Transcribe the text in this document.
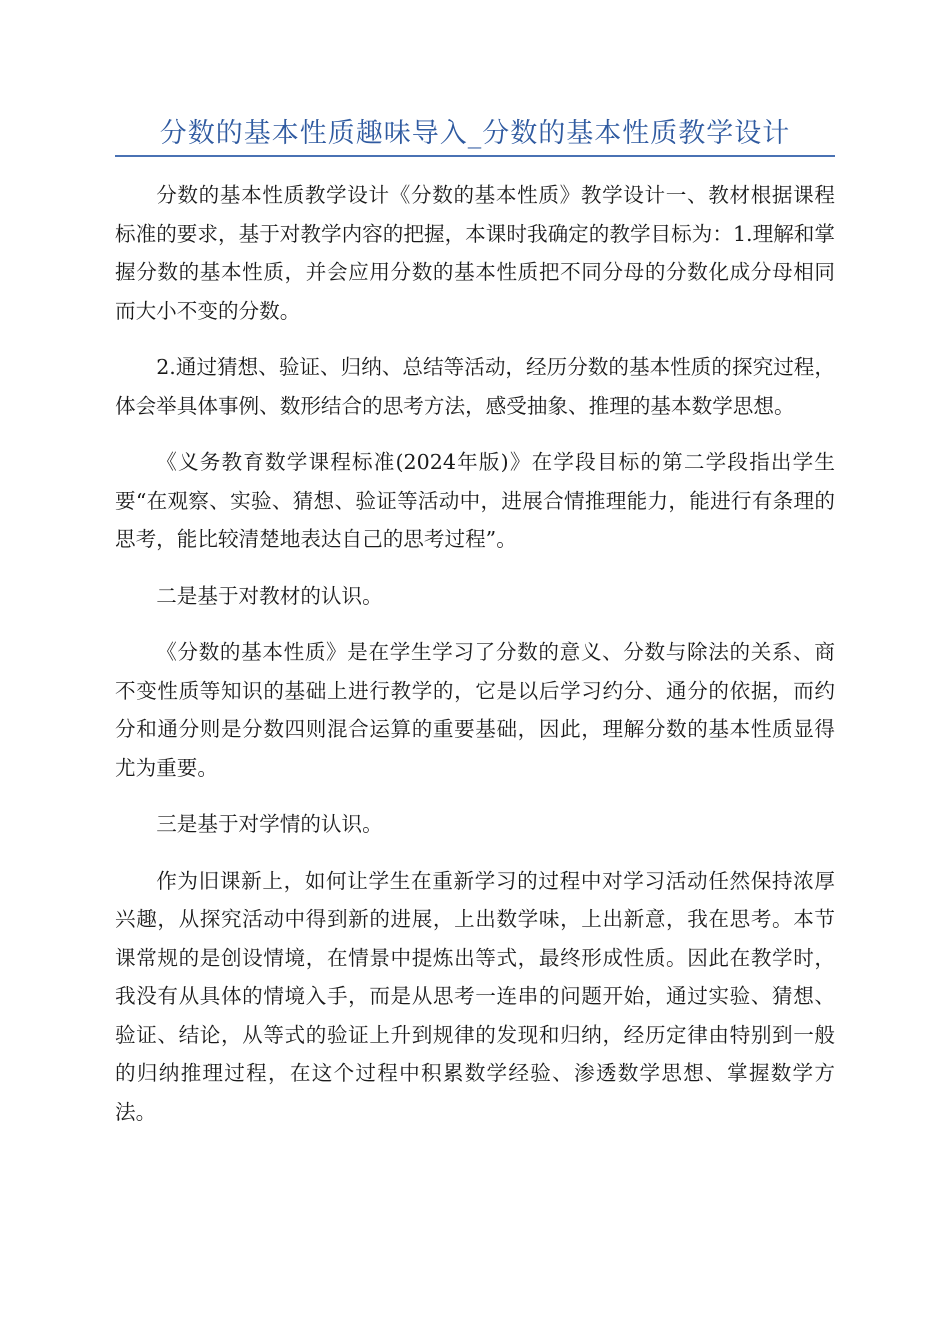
分数的基本性质趣味导入_分数的基本性质教学设计

分数的基本性质教学设计《分数的基本性质》教学设计一、教材根据课程标准的要求，基于对教学内容的把握，本课时我确定的教学目标为：1.理解和掌握分数的基本性质，并会应用分数的基本性质把不同分母的分数化成分母相同而大小不变的分数。

2.通过猜想、验证、归纳、总结等活动，经历分数的基本性质的探究过程，体会举具体事例、数形结合的思考方法，感受抽象、推理的基本数学思想。

《义务教育数学课程标准(2024年版)》在学段目标的第二学段指出学生要“在观察、实验、猜想、验证等活动中，进展合情推理能力，能进行有条理的思考，能比较清楚地表达自己的思考过程”。

二是基于对教材的认识。

《分数的基本性质》是在学生学习了分数的意义、分数与除法的关系、商不变性质等知识的基础上进行教学的，它是以后学习约分、通分的依据，而约分和通分则是分数四则混合运算的重要基础，因此，理解分数的基本性质显得尤为重要。

三是基于对学情的认识。

作为旧课新上，如何让学生在重新学习的过程中对学习活动任然保持浓厚兴趣，从探究活动中得到新的进展，上出数学味，上出新意，我在思考。本节课常规的是创设情境，在情景中提炼出等式，最终形成性质。因此在教学时，我没有从具体的情境入手，而是从思考一连串的问题开始，通过实验、猜想、验证、结论，从等式的验证上升到规律的发现和归纳，经历定律由特别到一般的归纳推理过程，在这个过程中积累数学经验、渗透数学思想、掌握数学方法。
